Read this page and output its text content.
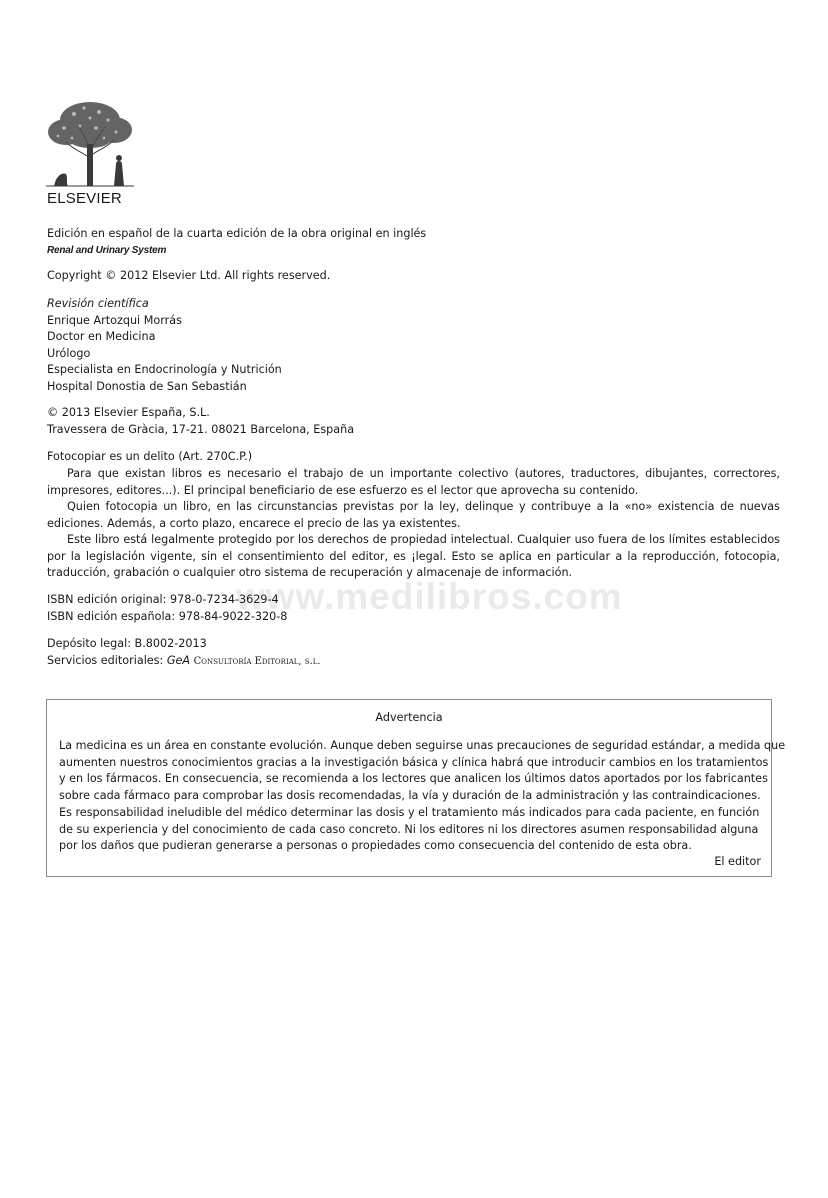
ELSEVIER
Edición en español de la cuarta edición de la obra original en inglés
Renal and Urinary System
Copyright © 2012 Elsevier Ltd. All rights reserved.
Revisión científica
Enrique Artozqui Morrás
Doctor en Medicina
Urólogo
Especialista en Endocrinología y Nutrición
Hospital Donostia de San Sebastián
© 2013 Elsevier España, S.L.
Travessera de Gràcia, 17-21. 08021 Barcelona, España
Fotocopiar es un delito (Art. 270C.P.)

Para que existan libros es necesario el trabajo de un importante colectivo (autores, traductores, dibujantes, correctores, impresores, editores...). El principal beneficiario de ese esfuerzo es el lector que aprovecha su contenido.

Quien fotocopia un libro, en las circunstancias previstas por la ley, delinque y contribuye a la «no» existencia de nuevas ediciones. Además, a corto plazo, encarece el precio de las ya existentes.

Este libro está legalmente protegido por los derechos de propiedad intelectual. Cualquier uso fuera de los límites establecidos por la legislación vigente, sin el consentimiento del editor, es ¡legal. Esto se aplica en particular a la reproducción, fotocopia, traducción, grabación o cualquier otro sistema de recuperación y almacenaje de información.

www.medilibros.com
ISBN edición original: 978-0-7234-3629-4
ISBN edición española: 978-84-9022-320-8
Depósito legal: B.8002-2013
Servicios editoriales: GeA Consultoría Editorial, s.l.
Advertencia
La medicina es un área en constante evolución. Aunque deben seguirse unas precauciones de seguridad estándar, a medida que
aumenten nuestros conocimientos gracias a la investigación básica y clínica habrá que introducir cambios en los tratamientos
y en los fármacos. En consecuencia, se recomienda a los lectores que analicen los últimos datos aportados por los fabricantes
sobre cada fármaco para comprobar las dosis recomendadas, la vía y duración de la administración y las contraindicaciones.
Es responsabilidad ineludible del médico determinar las dosis y el tratamiento más indicados para cada paciente, en función
de su experiencia y del conocimiento de cada caso concreto. Ni los editores ni los directores asumen responsabilidad alguna
por los daños que pudieran generarse a personas o propiedades como consecuencia del contenido de esta obra.
El editor
